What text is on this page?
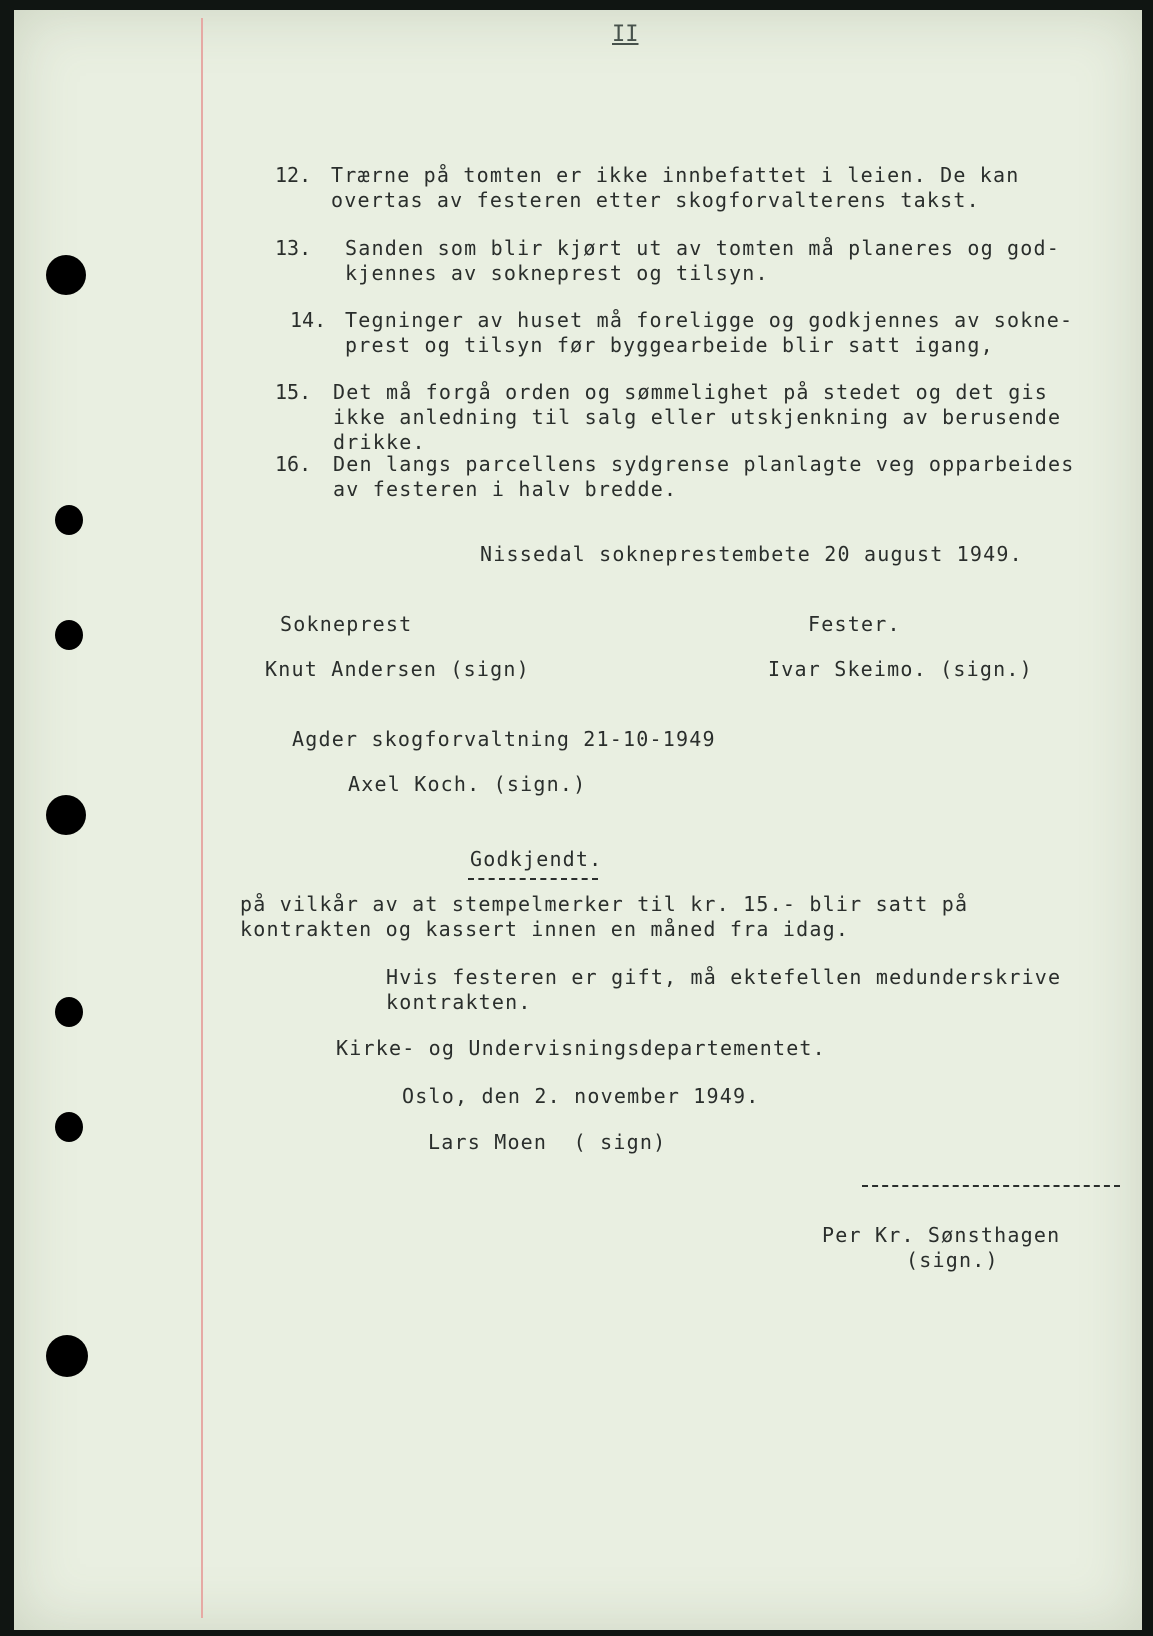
II

12. Trærne på tomten er ikke innbefattet i leien. De kan

overtas av festeren etter skogforvalterens takst.

13. Sanden som blir kjørt ut av tomten må planeres og god-

kjennes av sokneprest og tilsyn.

14. Tegninger av huset må foreligge og godkjennes av sokne-

prest og tilsyn før byggearbeide blir satt igang,

15. Det må forgå orden og sømmelighet på stedet og det gis

ikke anledning til salg eller utskjenkning av berusende

drikke.

16. Den langs parcellens sydgrense planlagte veg opparbeides

av festeren i halv bredde.

Nissedal sokneprestembete 20 august 1949.

Sokneprest

Knut Andersen (sign)

Fester.

Ivar Skeimo. (sign.)

Agder skogforvaltning 21-10-1949

Axel Koch. (sign.)

Godkjendt.

på vilkår av at stempelmerker til kr. 15.- blir satt på

kontrakten og kassert innen en måned fra idag.

Hvis festeren er gift, må ektefellen medunderskrive

kontrakten.

Kirke- og Undervisningsdepartementet.

Oslo, den 2. november 1949.

Lars Moen  ( sign)

Per Kr. Sønsthagen

(sign.)
